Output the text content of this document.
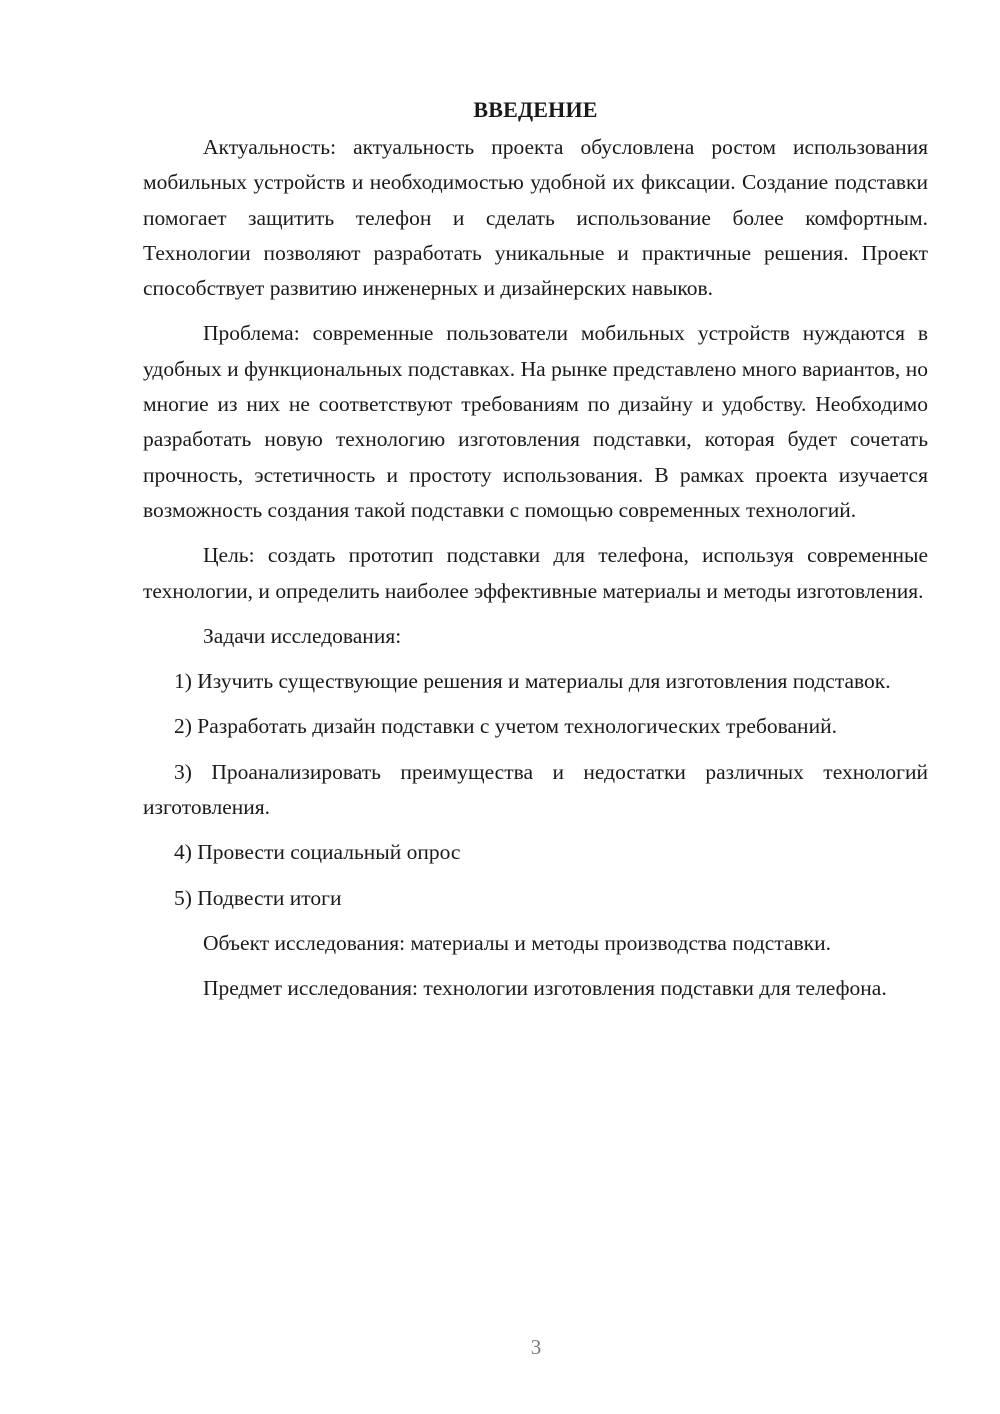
ВВЕДЕНИЕ

Актуальность: актуальность проекта обусловлена ростом использования мобильных устройств и необходимостью удобной их фиксации. Создание подставки помогает защитить телефон и сделать использование более комфортным. Технологии позволяют разработать уникальные и практичные решения. Проект способствует развитию инженерных и дизайнерских навыков.

Проблема: современные пользователи мобильных устройств нуждаются в удобных и функциональных подставках. На рынке представлено много вариантов, но многие из них не соответствуют требованиям по дизайну и удобству. Необходимо разработать новую технологию изготовления подставки, которая будет сочетать прочность, эстетичность и простоту использования. В рамках проекта изучается возможность создания такой подставки с помощью современных технологий.

Цель: создать прототип подставки для телефона, используя современные технологии, и определить наиболее эффективные материалы и методы изготовления.

Задачи исследования:

1) Изучить существующие решения и материалы для изготовления подставок.

2) Разработать дизайн подставки с учетом технологических требований.

3) Проанализировать преимущества и недостатки различных технологий изготовления.

4) Провести социальный опрос

5) Подвести итоги

Объект исследования: материалы и методы производства подставки.

Предмет исследования: технологии изготовления подставки для телефона.

3
